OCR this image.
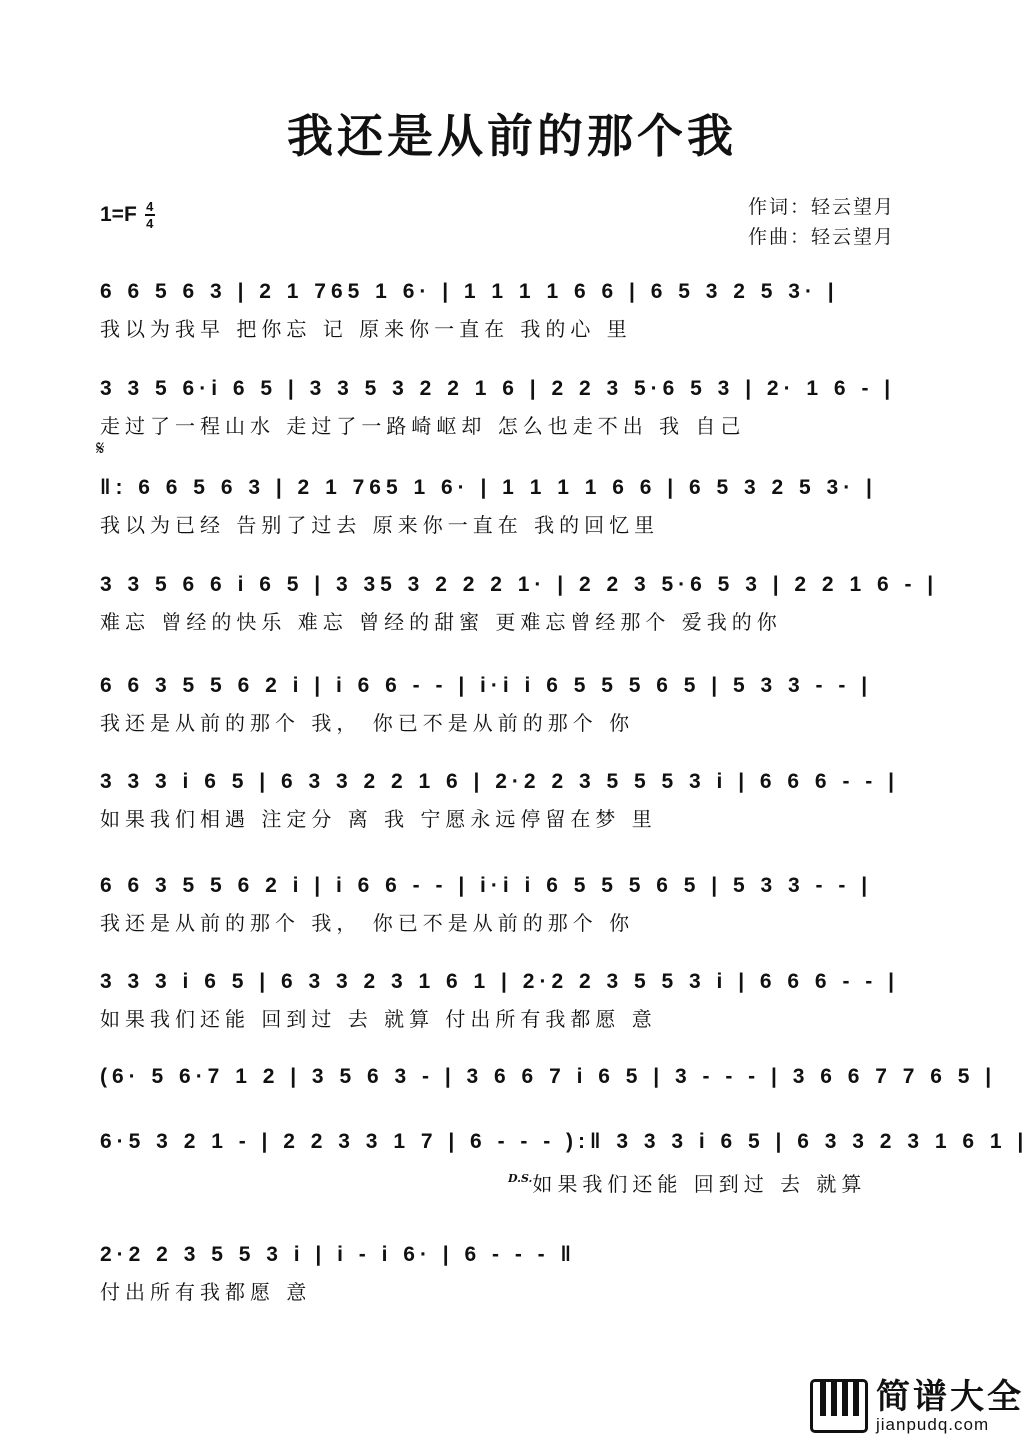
我还是从前的那个我
$1=F \frac{4}{4}$	作词：轻云望月
作曲：轻云望月
𝄋
6 6 5 6 3 | 2 1 765 1 6· | 1 1 1 1 6 6 | 6 5 3 2 5 3· |
我以为我早 把你忘 记 原来你一直在 我的心 里
3 3 5 6·i 6 5 | 3 3 5 3 2 2 1 6 | 2 2 3 5·6 5 3 | 2· 1 6 - |
走过了一程山水 走过了一路崎岖却 怎么也走不出 我 自己
‖: 6 6 5 6 3 | 2 1 765 1 6· | 1 1 1 1 6 6 | 6 5 3 2 5 3· |
我以为已经 告别了过去 原来你一直在 我的回忆里
3 3 5 6 6 i 6 5 | 3 35 3 2 2 2 1· | 2 2 3 5·6 5 3 | 2 2 1 6 - |
难忘 曾经的快乐 难忘 曾经的甜蜜 更难忘曾经那个 爱我的你
6 6 3 5 5 6 2 i | i 6 6 - - | i·i i 6 5 5 5 6 5 | 5 3 3 - - |
我还是从前的那个 我， 你已不是从前的那个 你
3 3 3 i 6 5 | 6 3 3 2 2 1 6 | 2·2 2 3 5 5 5 3 i | 6 6 6 - - |
如果我们相遇 注定分 离 我 宁愿永远停留在梦 里
6 6 3 5 5 6 2 i | i 6 6 - - | i·i i 6 5 5 5 6 5 | 5 3 3 - - |
我还是从前的那个 我， 你已不是从前的那个 你
3 3 3 i 6 5 | 6 3 3 2 3 1 6 1 | 2·2 2 3 5 5 3 i | 6 6 6 - - |
如果我们还能 回到过 去 就算 付出所有我都愿 意
(6· 5 6·7 1 2 | 3 5 6 3 - | 3 6 6 7 i 6 5 | 3 - - - | 3 6 6 7 7 6 5 |
6·5 3 2 1 - | 2 2 3 3 1 7 | 6 - - - ):‖ 3 3 3 i 6 5 | 6 3 3 2 3 1 6 1 |
$^{D.S.}$如果我们还能 回到过 去 就算
2·2 2 3 5 5 3 i | i - i 6· | 6 - - - ‖
付出所有我都愿 意
简谱大全
jianpudq.com
